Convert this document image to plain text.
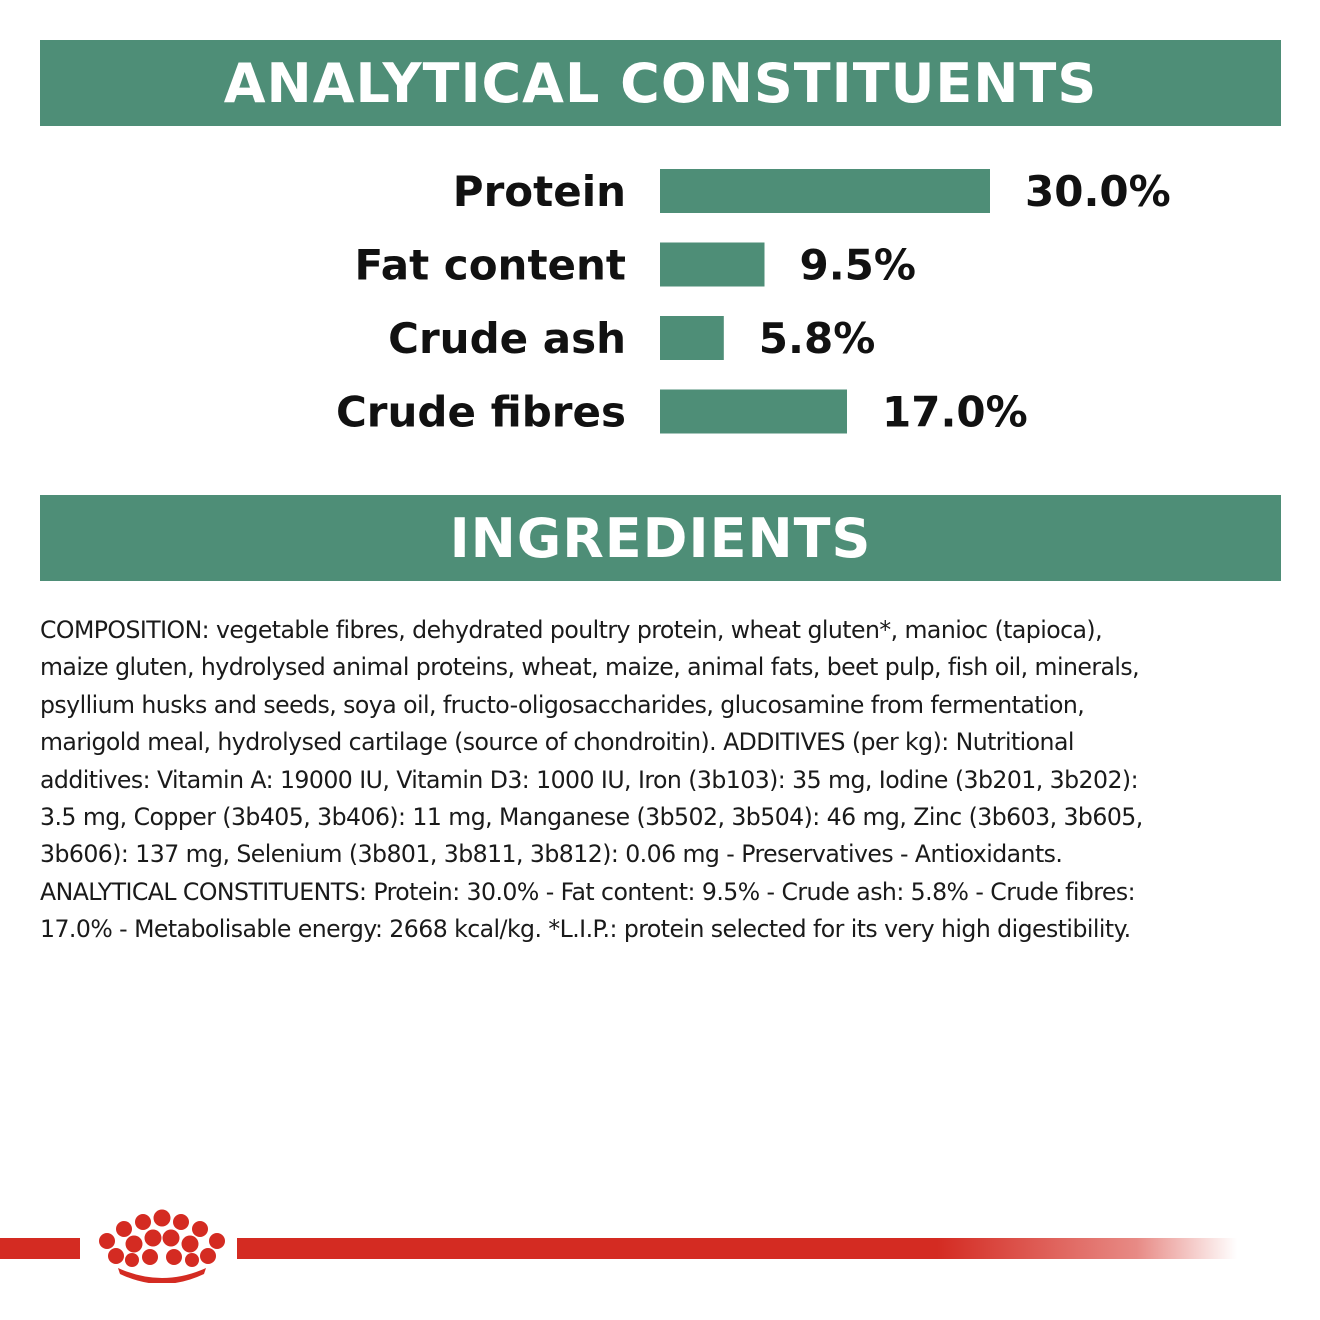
ANALYTICAL CONSTITUENTS
Protein	30.0%
Fat content	9.5%
Crude ash	5.8%
Crude fibres	17.0%
INGREDIENTS

COMPOSITION: vegetable fibres, dehydrated poultry protein, wheat gluten*, manioc (tapioca),
maize gluten, hydrolysed animal proteins, wheat, maize, animal fats, beet pulp, fish oil, minerals,
psyllium husks and seeds, soya oil, fructo-oligosaccharides, glucosamine from fermentation,
marigold meal, hydrolysed cartilage (source of chondroitin). ADDITIVES (per kg): Nutritional
additives: Vitamin A: 19000 IU, Vitamin D3: 1000 IU, Iron (3b103): 35 mg, Iodine (3b201, 3b202):
3.5 mg, Copper (3b405, 3b406): 11 mg, Manganese (3b502, 3b504): 46 mg, Zinc (3b603, 3b605,
3b606): 137 mg, Selenium (3b801, 3b811, 3b812): 0.06 mg - Preservatives - Antioxidants.
ANALYTICAL CONSTITUENTS: Protein: 30.0% - Fat content: 9.5% - Crude ash: 5.8% - Crude fibres:
17.0% - Metabolisable energy: 2668 kcal/kg. *L.I.P.: protein selected for its very high digestibility.
